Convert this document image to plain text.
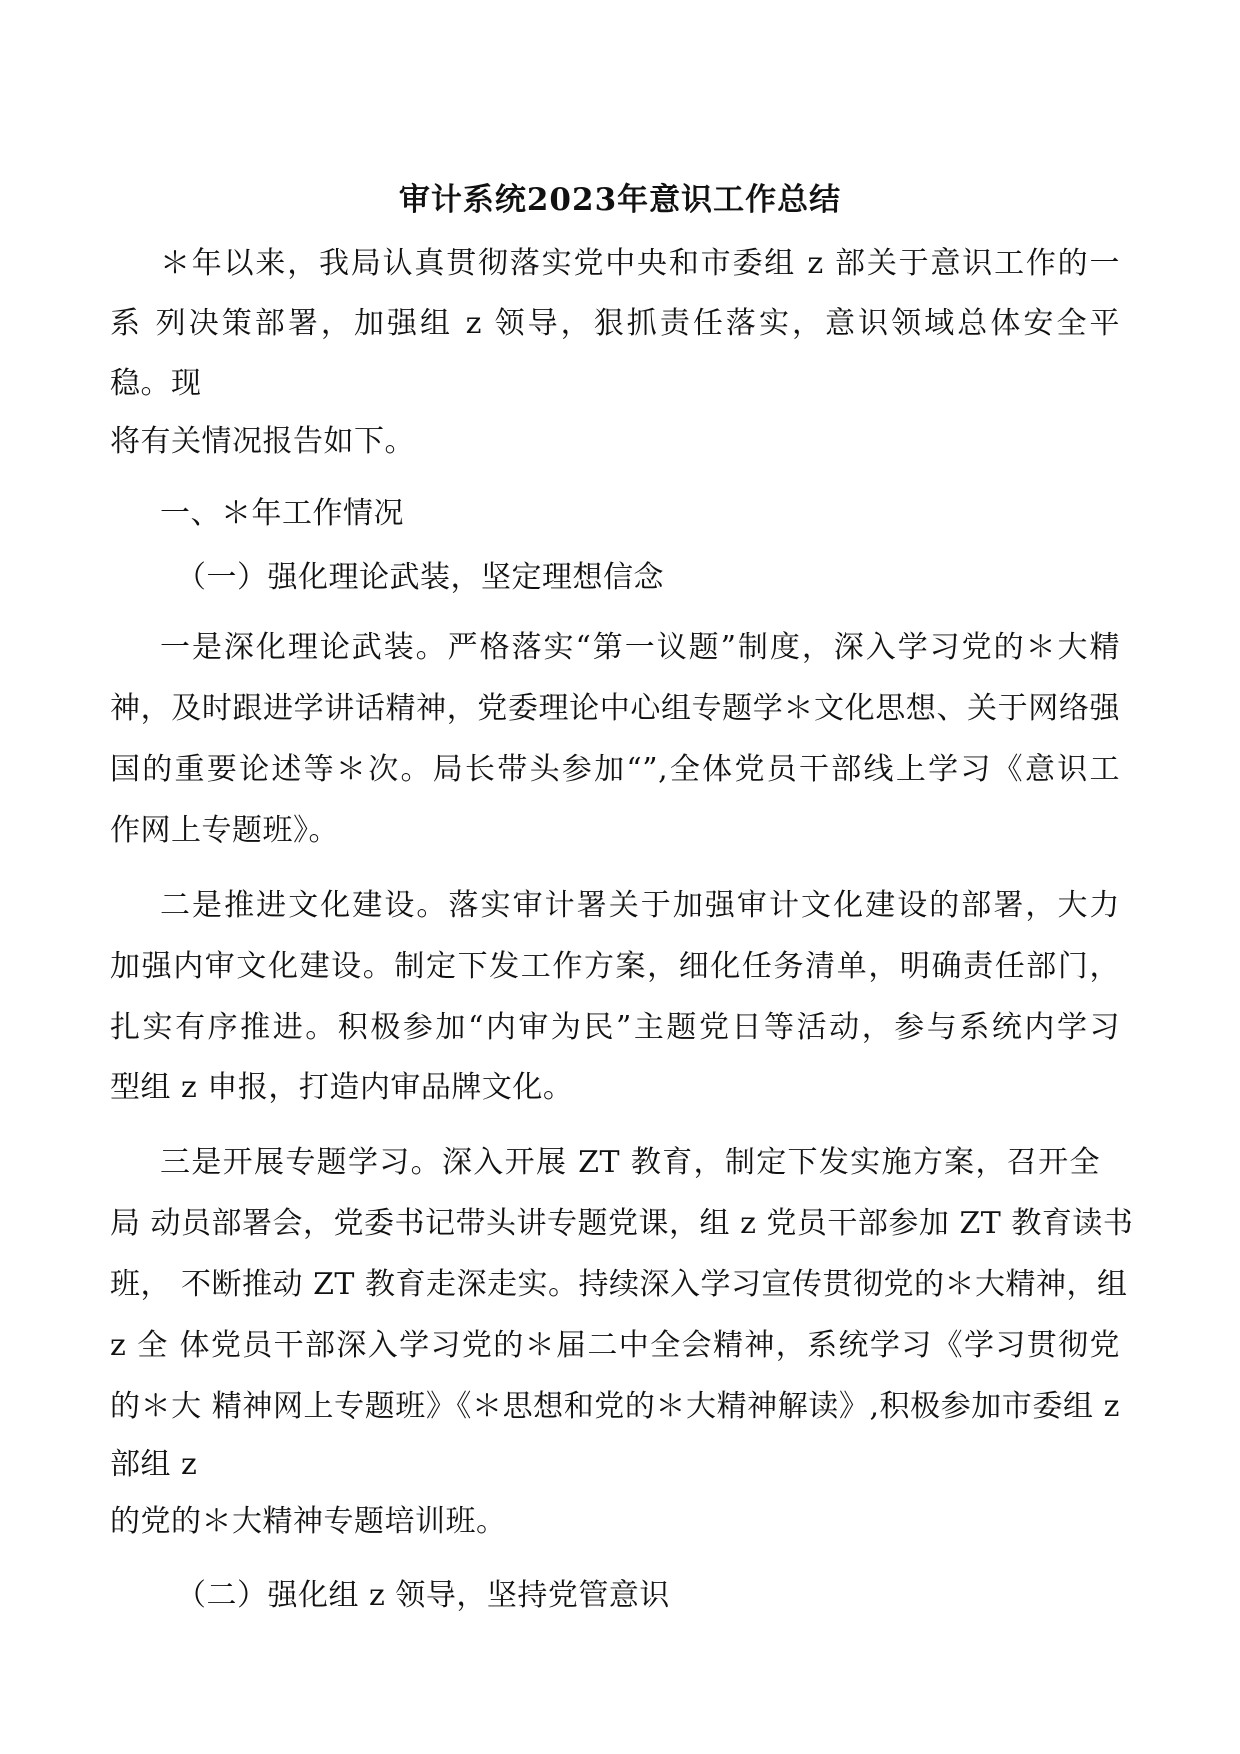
审计系统2023年意识工作总结
＊年以来，我局认真贯彻落实党中央和市委组 z 部关于意识工作的一
系 列决策部署，加强组 z 领导，狠抓责任落实，意识领域总体安全平
稳。现
将有关情况报告如下。
一、＊年工作情况
（一）强化理论武装，坚定理想信念
一是深化理论武装。严格落实“第一议题”制度，深入学习党的＊大精
神，及时跟进学讲话精神，党委理论中心组专题学＊文化思想、关于网络强
国的重要论述等＊次。局长带头参加“”,全体党员干部线上学习《意识工
作网上专题班》。
二是推进文化建设。落实审计署关于加强审计文化建设的部署，大力
加强内审文化建设。制定下发工作方案，细化任务清单，明确责任部门，
扎实有序推进。积极参加“内审为民”主题党日等活动，参与系统内学习
型组 z 申报，打造内审品牌文化。
三是开展专题学习。深入开展 ZT 教育，制定下发实施方案，召开全
局 动员部署会，党委书记带头讲专题党课，组 z 党员干部参加 ZT 教育读书
班， 不断推动 ZT 教育走深走实。持续深入学习宣传贯彻党的＊大精神，组
z 全 体党员干部深入学习党的＊届二中全会精神，系统学习《学习贯彻党
的＊大 精神网上专题班》《＊思想和党的＊大精神解读》,积极参加市委组 z
部组 z
的党的＊大精神专题培训班。
（二）强化组 z 领导，坚持党管意识
